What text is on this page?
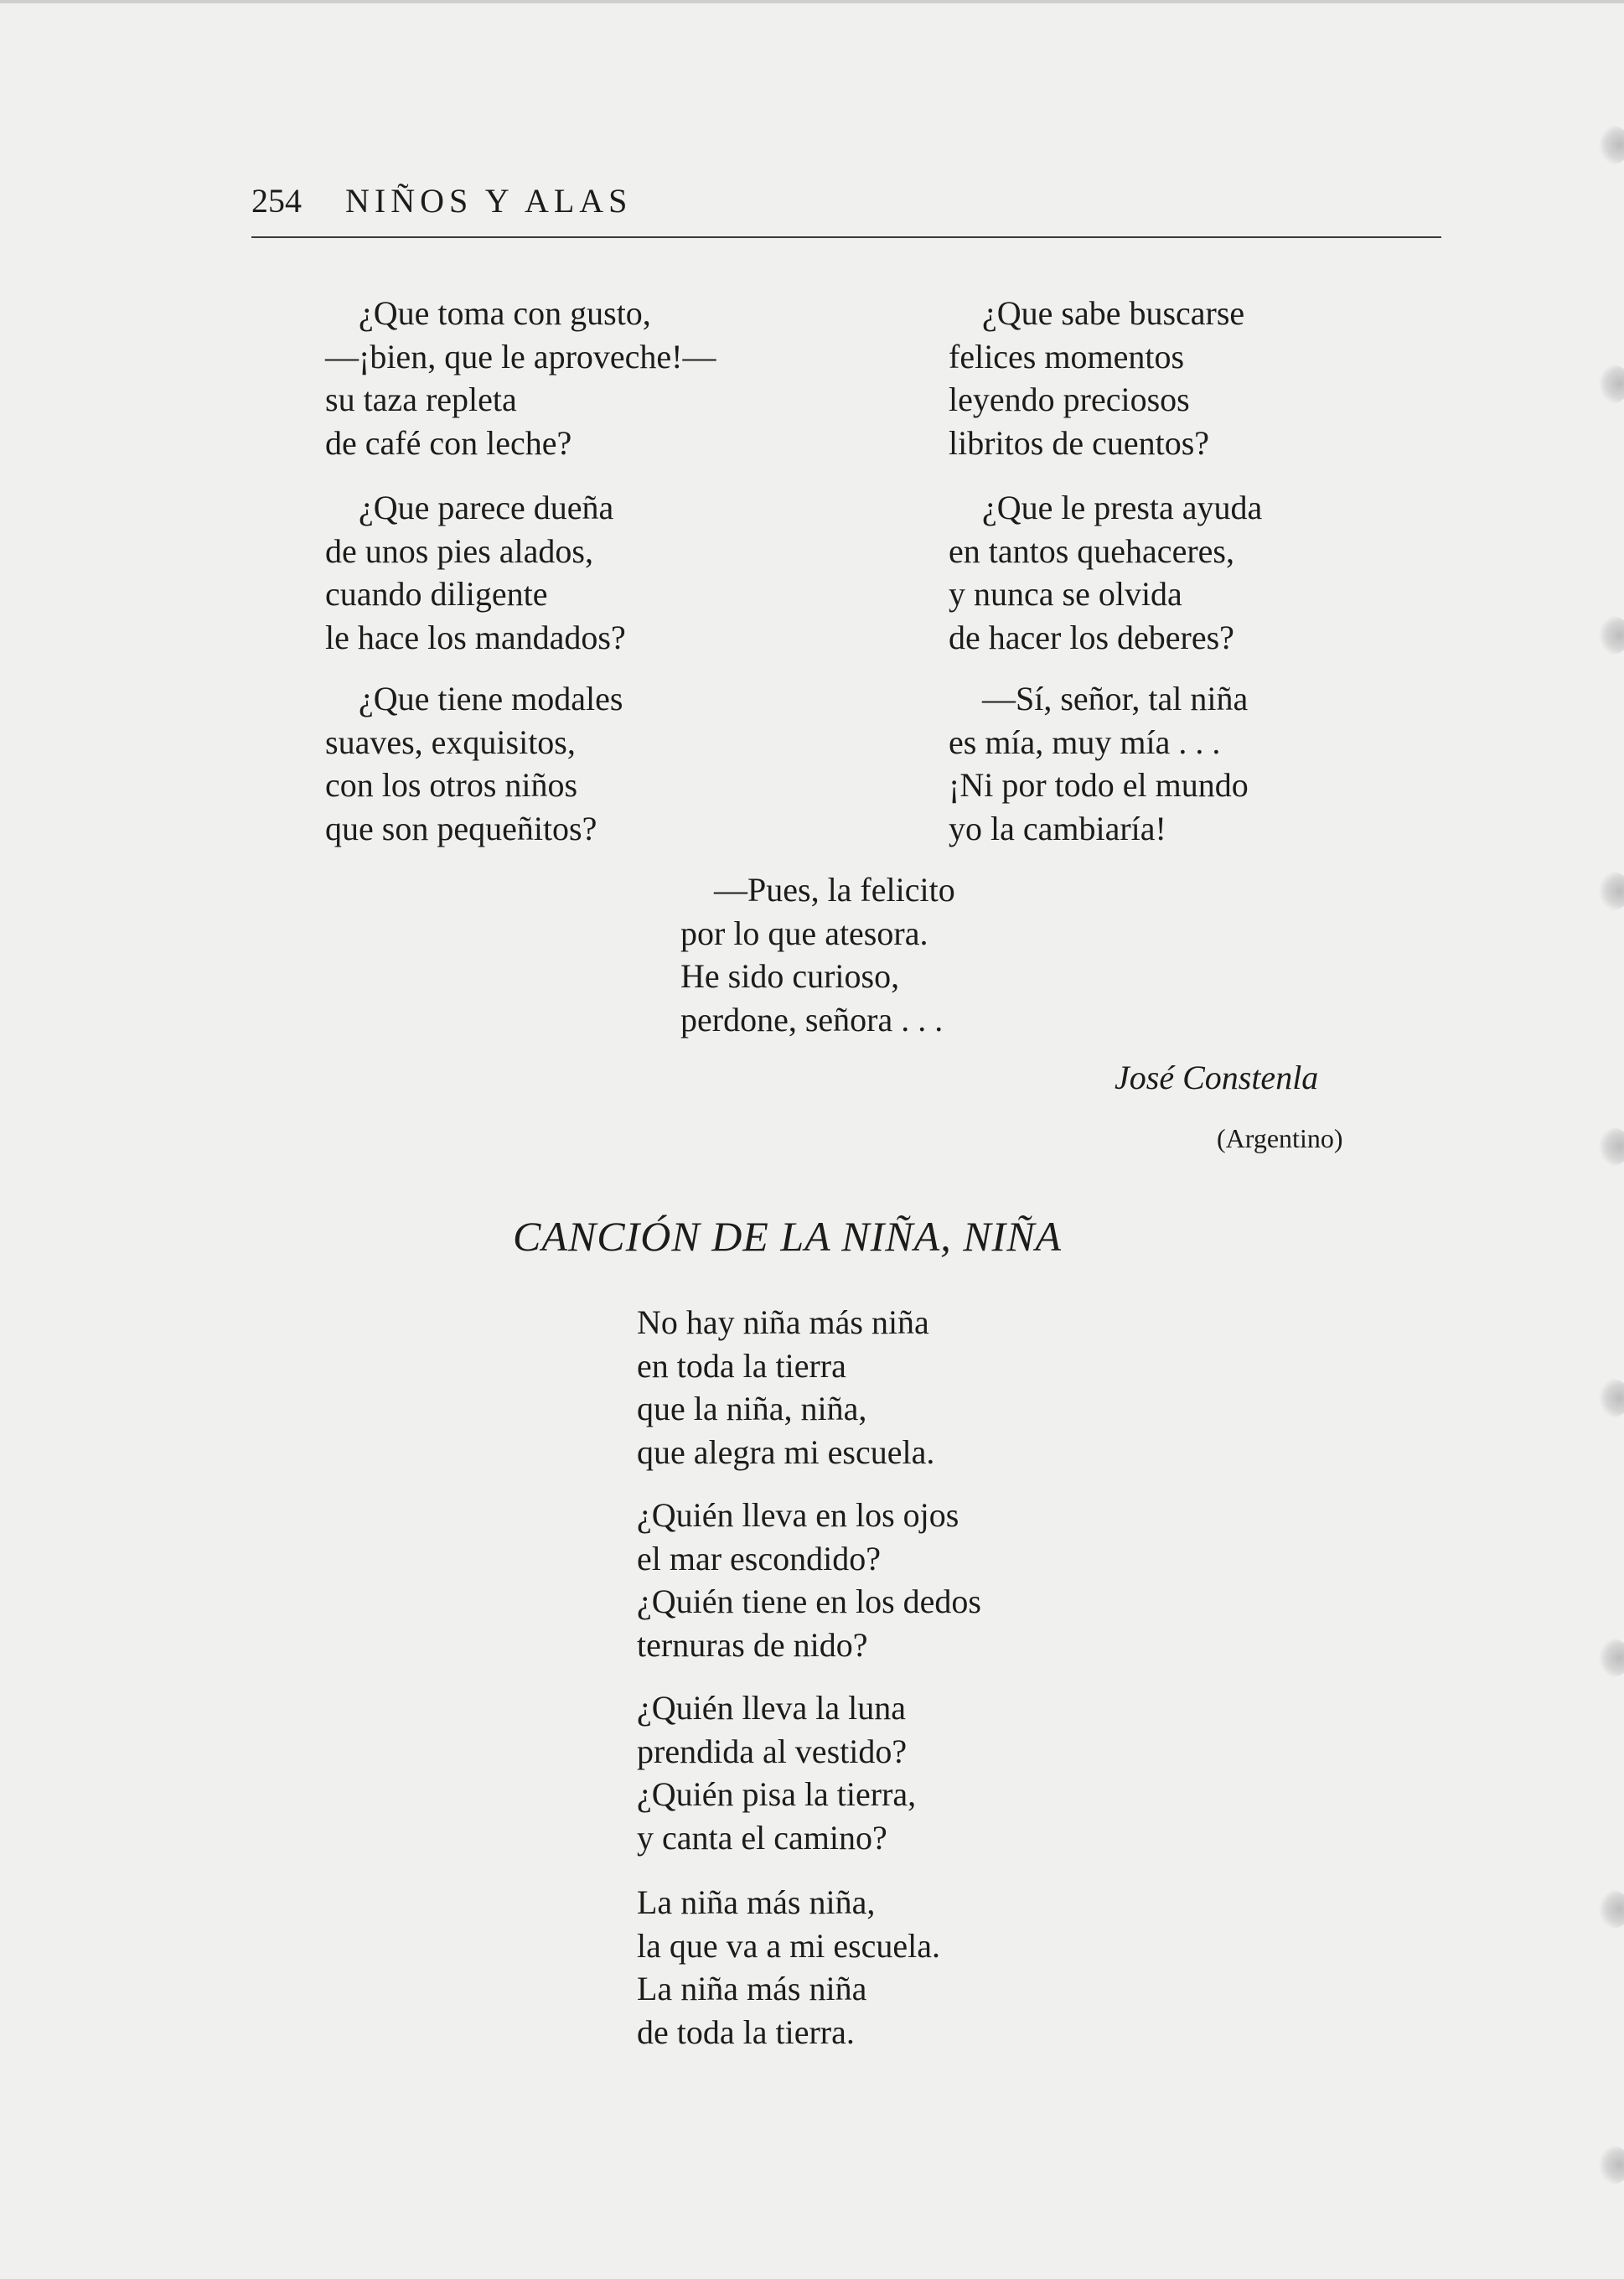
254 NIÑOS Y ALAS
¿Que toma con gusto,
—¡bien, que le aproveche!—
su taza repleta
de café con leche?
¿Que parece dueña
de unos pies alados,
cuando diligente
le hace los mandados?
¿Que tiene modales
suaves, exquisitos,
con los otros niños
que son pequeñitos?
¿Que sabe buscarse
felices momentos
leyendo preciosos
libritos de cuentos?
¿Que le presta ayuda
en tantos quehaceres,
y nunca se olvida
de hacer los deberes?
—Sí, señor, tal niña
es mía, muy mía . . .
¡Ni por todo el mundo
yo la cambiaría!
—Pues, la felicito
por lo que atesora.
He sido curioso,
perdone, señora . . .
José Constenla
(Argentino)
CANCIÓN DE LA NIÑA, NIÑA
No hay niña más niña
en toda la tierra
que la niña, niña,
que alegra mi escuela.
¿Quién lleva en los ojos
el mar escondido?
¿Quién tiene en los dedos
ternuras de nido?
¿Quién lleva la luna
prendida al vestido?
¿Quién pisa la tierra,
y canta el camino?
La niña más niña,
la que va a mi escuela.
La niña más niña
de toda la tierra.
